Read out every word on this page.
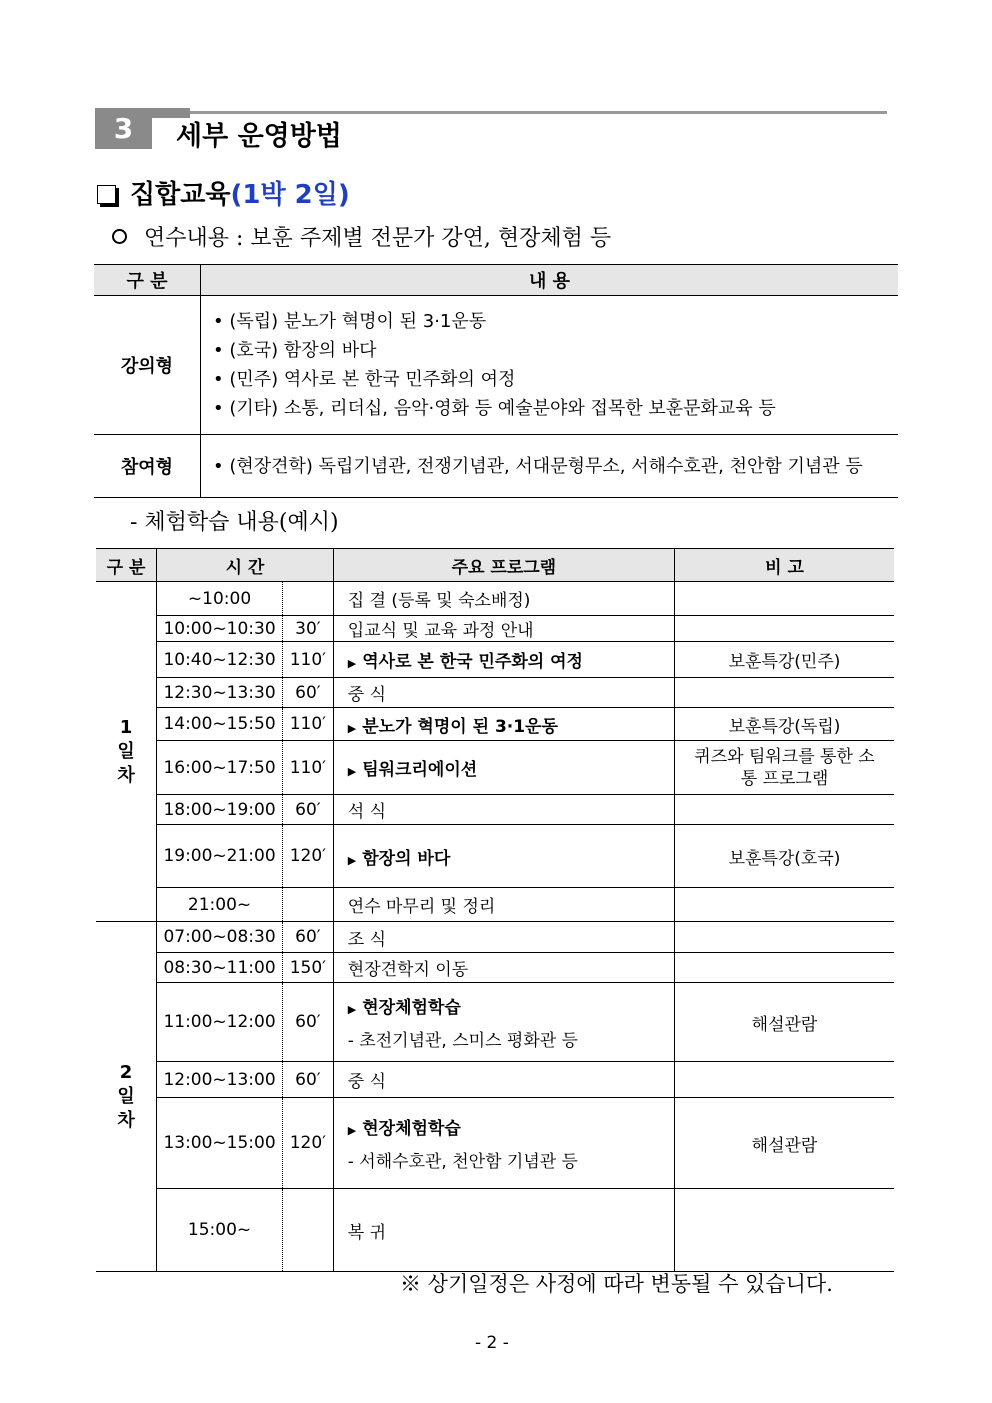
3	세부 운영방법
집합교육(1박 2일)
연수내용 : 보훈 주제별 전문가 강연, 현장체험 등
구 분	내 용
강의형	• (독립) 분노가 혁명이 된 3·1운동
• (호국) 함장의 바다
• (민주) 역사로 본 한국 민주화의 여정
• (기타) 소통, 리더십, 음악·영화 등 예술분야와 접목한 보훈문화교육 등

참여형	• (현장견학) 독립기념관, 전쟁기념관, 서대문형무소, 서해수호관, 천안함 기념관 등
- 체험학습 내용(예시)
구 분	시 간		주요 프로그램	비 고
1
일
차	~10:00		집 결 (등록 및 숙소배정)	

	10:00~10:30	30′	입교식 및 교육 과정 안내	

	10:40~12:30	110′	▶ 역사로 본 한국 민주화의 여정	보훈특강(민주)
	12:30~13:30	60′	중 식	

	14:00~15:50	110′	▶ 분노가 혁명이 된 3·1운동	보훈특강(독립)
	16:00~17:50	110′	▶ 팀워크리에이션	퀴즈와 팀워크를 통한 소통 프로그램
	18:00~19:00	60′	석 식	

	19:00~21:00	120′	▶ 함장의 바다	보훈특강(호국)
	21:00~		연수 마무리 및 정리	

2
일
차	07:00~08:30	60′	조 식	

	08:30~11:00	150′	현장견학지 이동	

	11:00~12:00	60′	▶ 현장체험학습
- 초전기념관, 스미스 평화관 등	해설관람
	12:00~13:00	60′	중 식	

	13:00~15:00	120′	▶ 현장체험학습
- 서해수호관, 천안함 기념관 등	해설관람
	15:00~		복 귀	

※ 상기일정은 사정에 따라 변동될 수 있습니다.
- 2 -
